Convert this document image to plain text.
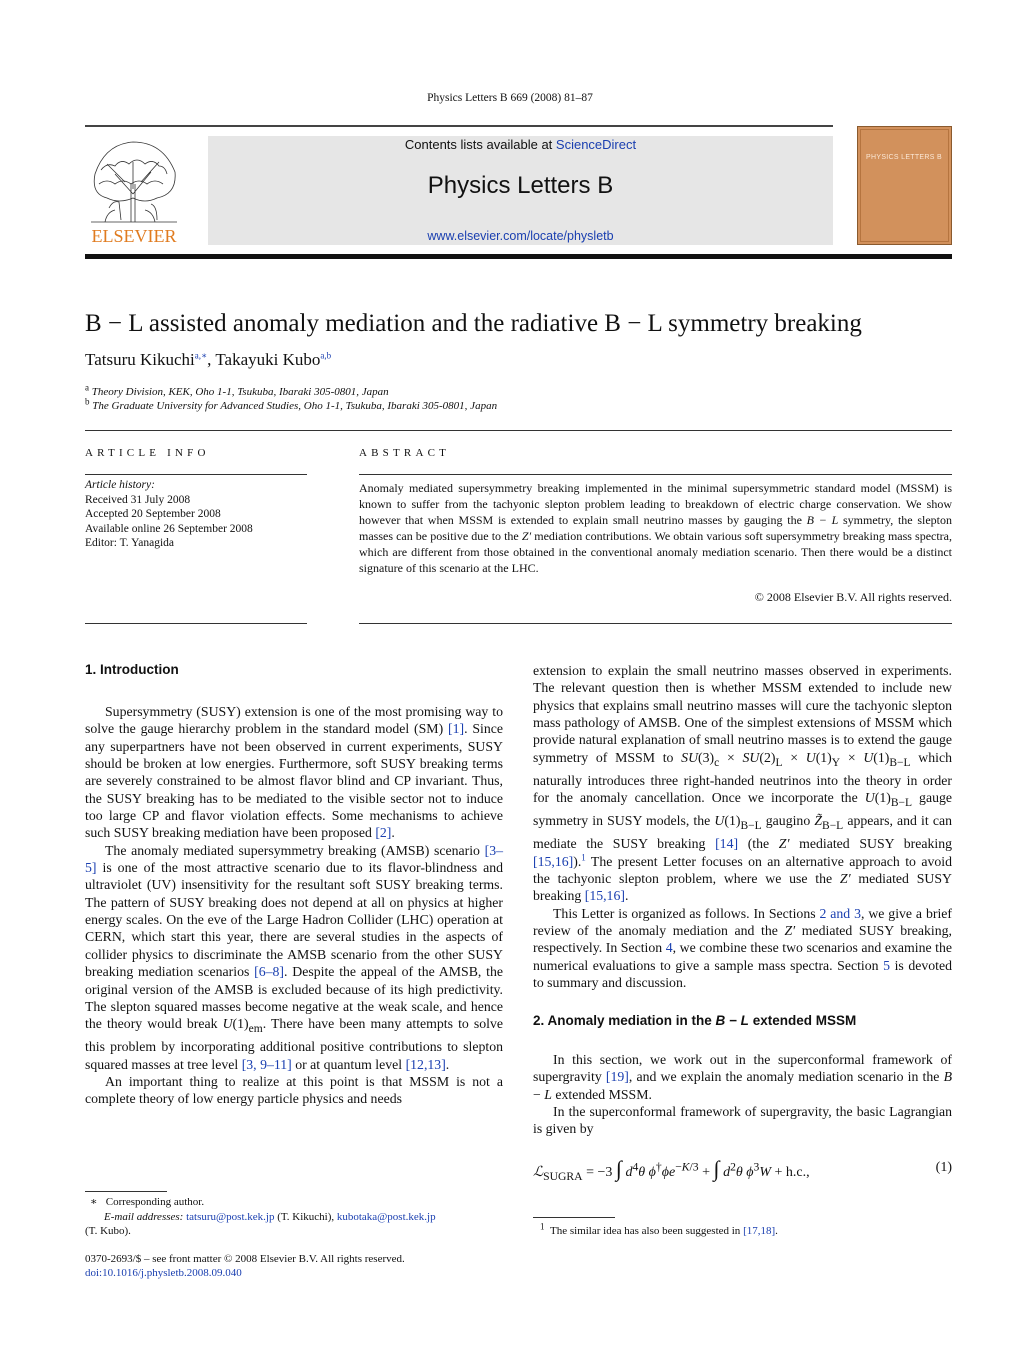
Physics Letters B 669 (2008) 81–87
ELSEVIER
Contents lists available at ScienceDirect
Physics Letters B
www.elsevier.com/locate/physletb
PHYSICS LETTERS B
B − L assisted anomaly mediation and the radiative B − L symmetry breaking
Tatsuru Kikuchi$^{a,∗}$, Takayuki Kubo$^{a,b}$
$^a$ Theory Division, KEK, Oho 1-1, Tsukuba, Ibaraki 305-0801, Japan
$^b$ The Graduate University for Advanced Studies, Oho 1-1, Tsukuba, Ibaraki 305-0801, Japan
ARTICLE INFO
Article history:
Received 31 July 2008
Accepted 20 September 2008
Available online 26 September 2008
Editor: T. Yanagida
ABSTRACT
Anomaly mediated supersymmetry breaking implemented in the minimal supersymmetric standard model (MSSM) is known to suffer from the tachyonic slepton problem leading to breakdown of electric charge conservation. We show however that when MSSM is extended to explain small neutrino masses by gauging the B − L symmetry, the slepton masses can be positive due to the Z′ mediation contributions. We obtain various soft supersymmetry breaking mass spectra, which are different from those obtained in the conventional anomaly mediation scenario. Then there would be a distinct signature of this scenario at the LHC.
© 2008 Elsevier B.V. All rights reserved.
1. Introduction

Supersymmetry (SUSY) extension is one of the most promising way to solve the gauge hierarchy problem in the standard model (SM) [1]. Since any superpartners have not been observed in current experiments, SUSY should be broken at low energies. Furthermore, soft SUSY breaking terms are severely constrained to be almost flavor blind and CP invariant. Thus, the SUSY breaking has to be mediated to the visible sector not to induce too large CP and flavor violation effects. Some mechanisms to achieve such SUSY breaking mediation have been proposed [2].

The anomaly mediated supersymmetry breaking (AMSB) scenario [3–5] is one of the most attractive scenario due to its flavor-blindness and ultraviolet (UV) insensitivity for the resultant soft SUSY breaking terms. The pattern of SUSY breaking does not depend at all on physics at higher energy scales. On the eve of the Large Hadron Collider (LHC) operation at CERN, which start this year, there are several studies in the aspects of collider physics to discriminate the AMSB scenario from the other SUSY breaking mediation scenarios [6–8]. Despite the appeal of the AMSB, the original version of the AMSB is excluded because of its high predictivity. The slepton squared masses become negative at the weak scale, and hence the theory would break $U(1)_{em}$. There have been many attempts to solve this problem by incorporating additional positive contributions to slepton squared masses at tree level [3, 9–11] or at quantum level [12,13].

An important thing to realize at this point is that MSSM is not a complete theory of low energy particle physics and needs

extension to explain the small neutrino masses observed in experiments. The relevant question then is whether MSSM extended to include new physics that explains small neutrino masses will cure the tachyonic slepton mass pathology of AMSB. One of the simplest extensions of MSSM which provide natural explanation of small neutrino masses is to extend the gauge symmetry of MSSM to $SU(3)_c \times SU(2)_L \times U(1)_Y \times U(1)_{B-L}$ which naturally introduces three right-handed neutrinos into the theory in order for the anomaly cancellation. Once we incorporate the $U(1)_{B-L}$ gauge symmetry in SUSY models, the $U(1)_{B-L}$ gaugino $Z̃_{B-L}$ appears, and it can mediate the SUSY breaking [14] (the Z′ mediated SUSY breaking [15,16]).$^1$ The present Letter focuses on an alternative approach to avoid the tachyonic slepton problem, where we use the Z′ mediated SUSY breaking [15,16].

This Letter is organized as follows. In Sections 2 and 3, we give a brief review of the anomaly mediation and the Z′ mediated SUSY breaking, respectively. In Section 4, we combine these two scenarios and examine the numerical evaluations to give a sample mass spectra. Section 5 is devoted to summary and discussion.

2. Anomaly mediation in the B − L extended MSSM

In this section, we work out in the superconformal framework of supergravity [19], and we explain the anomaly mediation scenario in the B − L extended MSSM.

In the superconformal framework of supergravity, the basic Lagrangian is given by

ℒ$_{SUGRA}$ = −3 ∫ $d^4\theta$ $\phi^\dagger\phi e^{-K/3}$ + ∫ $d^2\theta$ $\phi^3W + h.c$.,	(1)
∗ Corresponding author.
E-mail addresses: tatsuru@post.kek.jp (T. Kikuchi), kubotaka@post.kek.jp
(T. Kubo).
0370-2693/$ – see front matter © 2008 Elsevier B.V. All rights reserved.
doi:10.1016/j.physletb.2008.09.040
$^1$ The similar idea has also been suggested in [17,18].
